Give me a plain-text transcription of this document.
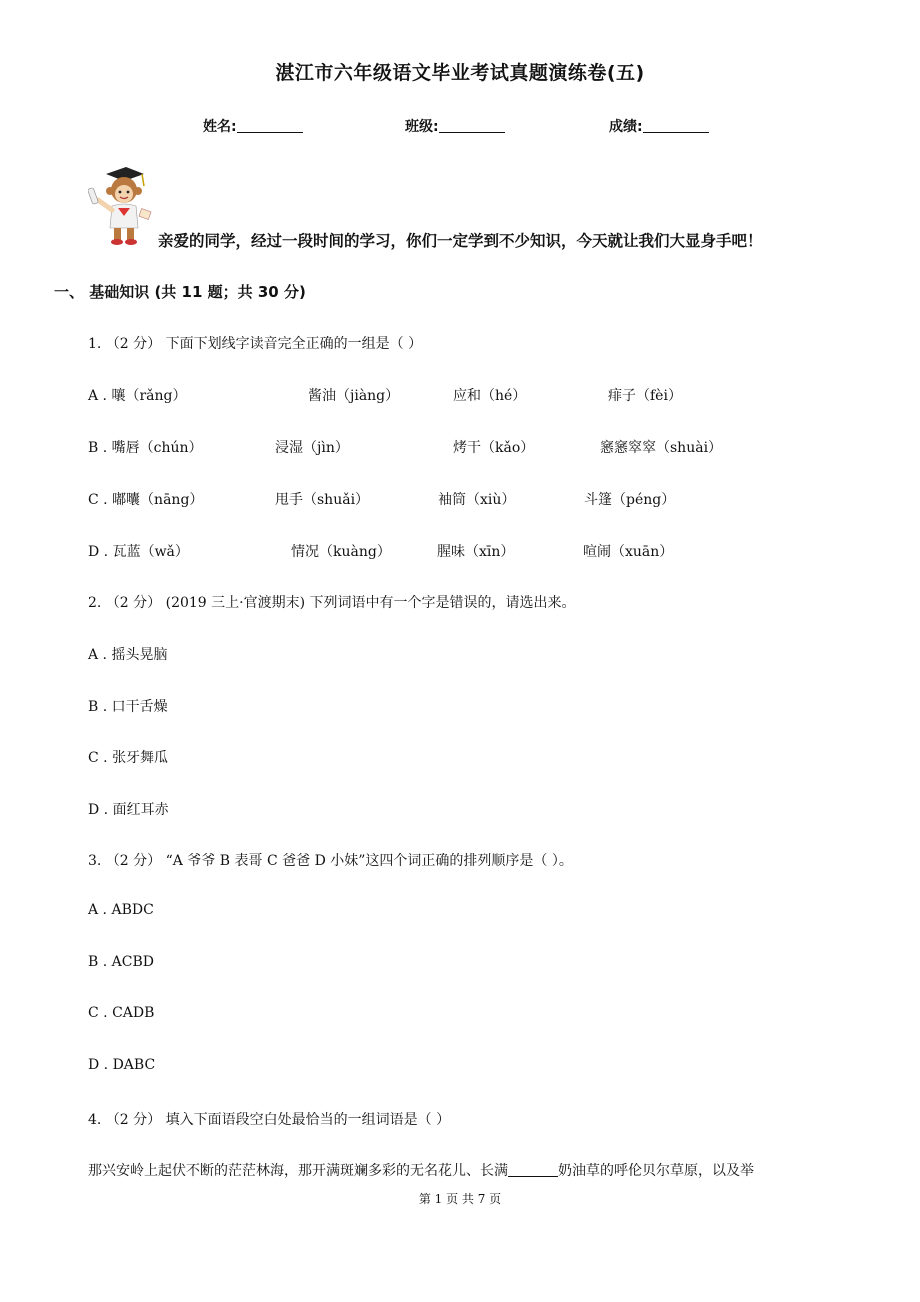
湛江市六年级语文毕业考试真题演练卷(五)
姓名:	班级:	成绩:
亲爱的同学，经过一段时间的学习，你们一定学到不少知识，今天就让我们大显身手吧！
一、 基础知识 (共 11 题；共 30 分)
1. （2 分） 下面下划线字读音完全正确的一组是（ ）
A . 嚷（rǎng）	酱油（jiàng）	应和（hé）	痱子（fèi）
B . 嘴唇（chún）	浸湿（jìn）	烤干（kǎo）	窸窸窣窣（shuài）
C . 嘟囔（nāng）	甩手（shuǎi）	袖筒（xiù）	斗篷（péng）
D . 瓦蓝（wǎ）	情况（kuàng）	腥味（xīn）	喧闹（xuān）
2. （2 分） (2019 三上·官渡期末) 下列词语中有一个字是错误的，请选出来。
A . 摇头晃脑
B . 口干舌燥
C . 张牙舞瓜
D . 面红耳赤
3. （2 分） “A 爷爷 B 表哥 C 爸爸 D 小妹”这四个词正确的排列顺序是（ ）。
A . ABDC
B . ACBD
C . CADB
D . DABC
4. （2 分） 填入下面语段空白处最恰当的一组词语是（ ）
那兴安岭上起伏不断的茫茫林海，那开满斑斓多彩的无名花儿、长满	奶油草的呼伦贝尔草原，以及举
第 1 页 共 7 页
